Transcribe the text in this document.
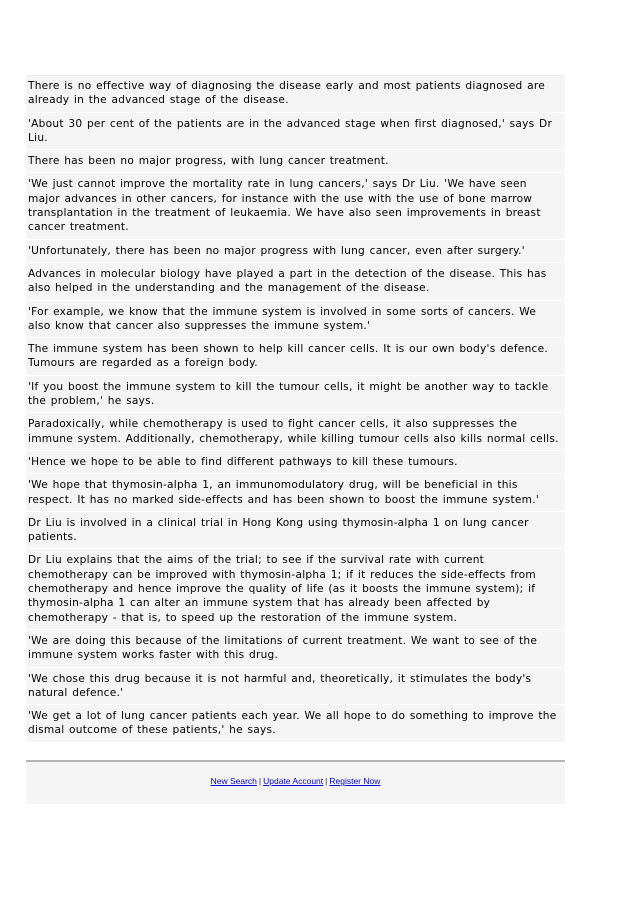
There is no effective way of diagnosing the disease early and most patients diagnosed are already in the advanced stage of the disease.

'About 30 per cent of the patients are in the advanced stage when first diagnosed,' says Dr Liu.

There has been no major progress, with lung cancer treatment.

'We just cannot improve the mortality rate in lung cancers,' says Dr Liu. 'We have seen major advances in other cancers, for instance with the use with the use of bone marrow transplantation in the treatment of leukaemia. We have also seen improvements in breast cancer treatment.

'Unfortunately, there has been no major progress with lung cancer, even after surgery.'

Advances in molecular biology have played a part in the detection of the disease. This has also helped in the understanding and the management of the disease.

'For example, we know that the immune system is involved in some sorts of cancers. We also know that cancer also suppresses the immune system.'

The immune system has been shown to help kill cancer cells. It is our own body's defence. Tumours are regarded as a foreign body.

'If you boost the immune system to kill the tumour cells, it might be another way to tackle the problem,' he says.

Paradoxically, while chemotherapy is used to fight cancer cells, it also suppresses the immune system. Additionally, chemotherapy, while killing tumour cells also kills normal cells.

'Hence we hope to be able to find different pathways to kill these tumours.

'We hope that thymosin-alpha 1, an immunomodulatory drug, will be beneficial in this respect. It has no marked side-effects and has been shown to boost the immune system.'

Dr Liu is involved in a clinical trial in Hong Kong using thymosin-alpha 1 on lung cancer patients.

Dr Liu explains that the aims of the trial; to see if the survival rate with current chemotherapy can be improved with thymosin-alpha 1; if it reduces the side-effects from chemotherapy and hence improve the quality of life (as it boosts the immune system); if thymosin-alpha 1 can alter an immune system that has already been affected by chemotherapy - that is, to speed up the restoration of the immune system.

'We are doing this because of the limitations of current treatment. We want to see of the immune system works faster with this drug.

'We chose this drug because it is not harmful and, theoretically, it stimulates the body's natural defence.'

'We get a lot of lung cancer patients each year. We all hope to do something to improve the dismal outcome of these patients,' he says.

New Search | Update Account | Register Now
